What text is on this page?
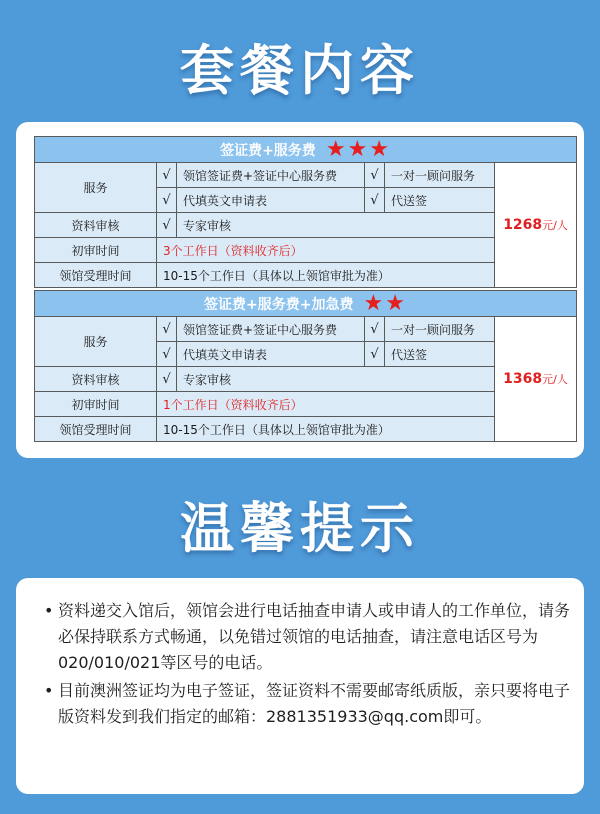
套餐内容
签证费+服务费 ★★★					
服务	√	领馆签证费+签证中心服务费	√	一对一顾问服务	1268元/人
	√	代填英文申请表	√	代送签	
资料审核	√	专家审核			
初审时间	3个工作日（资料收齐后）				
领馆受理时间	10-15个工作日（具体以上领馆审批为准）				
签证费+服务费+加急费 ★★					
服务	√	领馆签证费+签证中心服务费	√	一对一顾问服务	1368元/人
	√	代填英文申请表	√	代送签	
资料审核	√	专家审核			
初审时间	1个工作日（资料收齐后）				
领馆受理时间	10-15个工作日（具体以上领馆审批为准）				
温馨提示
• 资料递交入馆后，领馆会进行电话抽查申请人或申请人的工作单位，请务必保持联系方式畅通，以免错过领馆的电话抽查，请注意电话区号为020/010/021等区号的电话。
• 目前澳洲签证均为电子签证，签证资料不需要邮寄纸质版，亲只要将电子版资料发到我们指定的邮箱：2881351933@qq.com即可。
